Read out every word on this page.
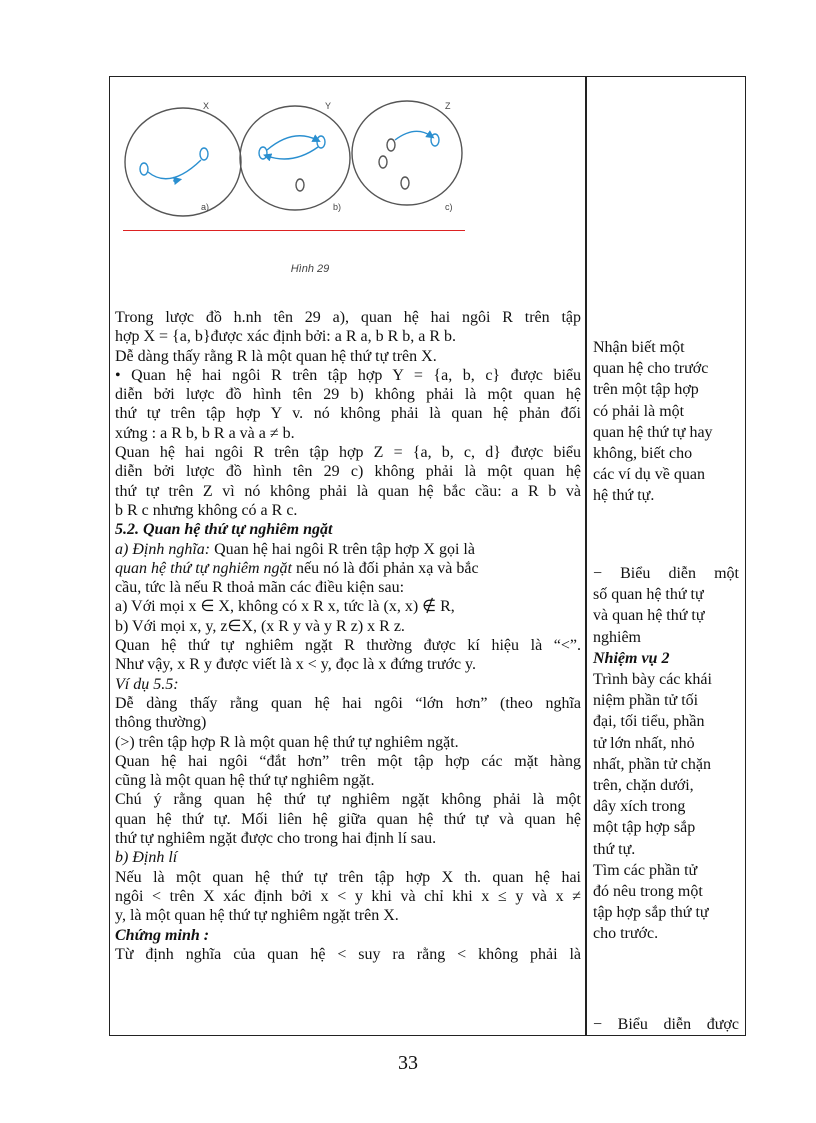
X
a)
Y
b)
Z
c)
Hình 29

Trong lược đồ h.nh tên 29 a), quan hệ hai ngôi R trên tập

hợp X = {a, b}được xác định bởi: a R a, b R b, a R b.

Dễ dàng thấy rằng R là một quan hệ thứ tự trên X.

• Quan hệ hai ngôi R trên tập hợp Y = {a, b, c} được biểu

diễn bởi lược đồ hình tên 29 b) không phải là một quan hệ

thứ tự trên tập hợp Y v. nó không phải là quan hệ phản đối

xứng : a R b, b R a và a ≠ b.

Quan hệ hai ngôi R trên tập hợp Z = {a, b, c, d} được biểu

diễn bởi lược đồ hình tên 29 c) không phải là một quan hệ

thứ tự trên Z vì nó không phải là quan hệ bắc cầu: a R b và

b R c nhưng không có a R c.

5.2. Quan hệ thứ tự nghiêm ngặt

a) Định nghĩa: Quan hệ hai ngôi R trên tập hợp X gọi là

quan hệ thứ tự nghiêm ngặt nếu nó là đối phản xạ và bắc

cầu, tức là nếu R thoả mãn các điều kiện sau:

a) Với mọi x ∈ X, không có x R x, tức là (x, x) ∉ R,

b) Với mọi x, y, z∈X, (x R y và y R z) x R z.

Quan hệ thứ tự nghiêm ngặt R thường được kí hiệu là “<”.

Như vậy, x R y được viết là x < y, đọc là x đứng trước y.

Ví dụ 5.5:

Dễ dàng thấy rằng quan hệ hai ngôi “lớn hơn” (theo nghĩa

thông thường)

(>) trên tập hợp R là một quan hệ thứ tự nghiêm ngặt.

Quan hệ hai ngôi “đắt hơn” trên một tập hợp các mặt hàng

cũng là một quan hệ thứ tự nghiêm ngặt.

Chú ý rằng quan hệ thứ tự nghiêm ngặt không phải là một

quan hệ thứ tự. Mối liên hệ giữa quan hệ thứ tự và quan hệ

thứ tự nghiêm ngặt được cho trong hai định lí sau.

b) Định lí

Nếu là một quan hệ thứ tự trên tập hợp X th. quan hệ hai

ngôi < trên X xác định bởi x < y khi và chỉ khi x ≤ y và x ≠

y, là một quan hệ thứ tự nghiêm ngặt trên X.

Chứng minh :

Từ định nghĩa của quan hệ < suy ra rằng < không phải là

Nhận biết một

quan hệ cho trước

trên một tập hợp

có phải là một

quan hệ thứ tự hay

không, biết cho

các ví dụ về quan

hệ thứ tự.

− Biểu diễn một

số quan hệ thứ tự

và quan hệ thứ tự

nghiêm

Nhiệm vụ 2

Trình bày các khái

niệm phần tử tối

đại, tối tiểu, phần

tử lớn nhất, nhỏ

nhất, phần tử chặn

trên, chặn dưới,

dây xích trong

một tập hợp sắp

thứ tự.

Tìm các phần tử

đó nêu trong một

tập hợp sắp thứ tự

cho trước.

− Biểu diễn được
33
